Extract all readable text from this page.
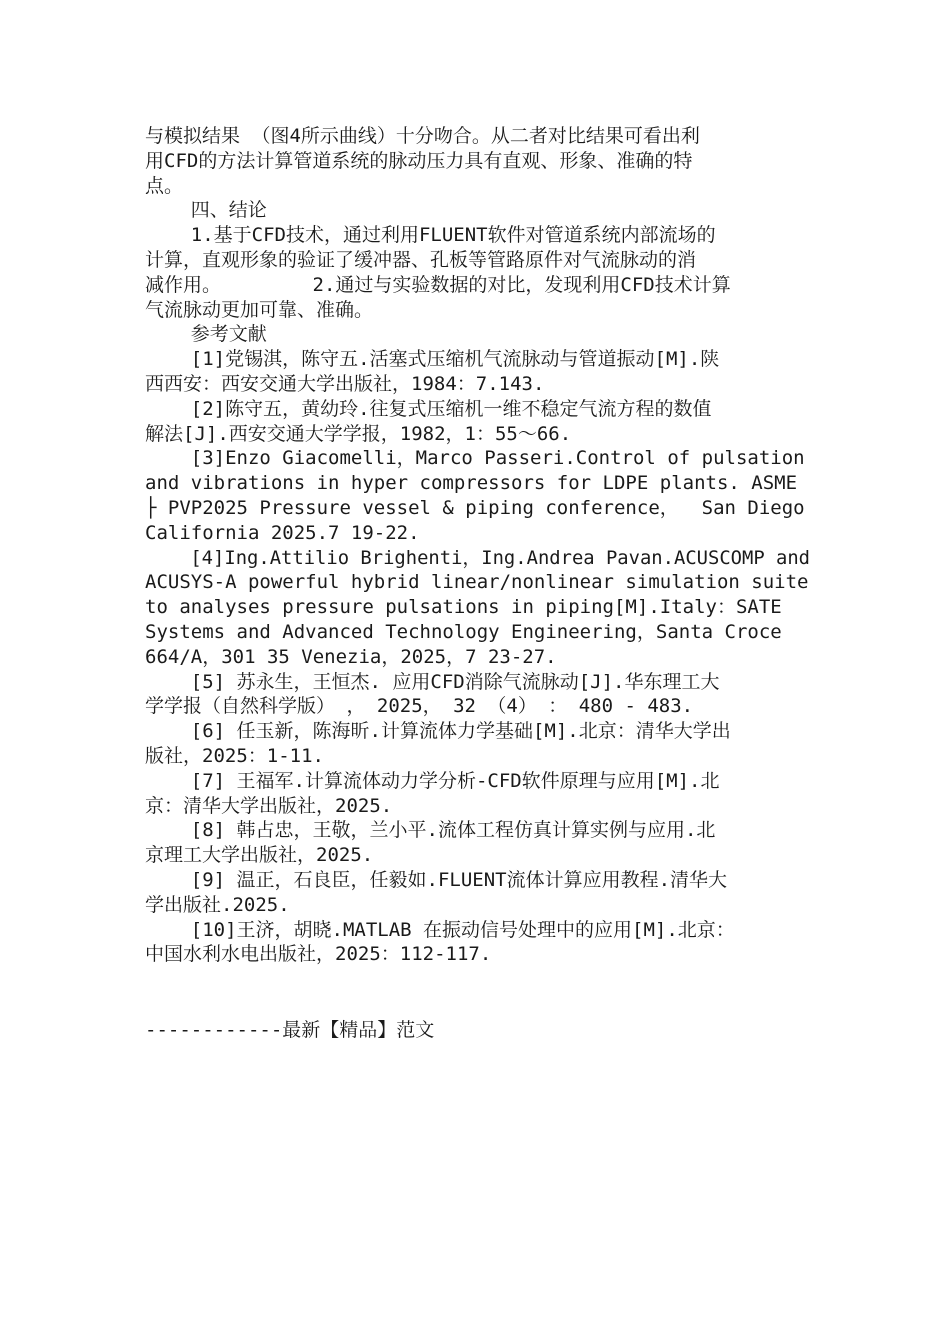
与模拟结果 （图4所示曲线）十分吻合。从二者对比结果可看出利
用CFD的方法计算管道系统的脉动压力具有直观、形象、准确的特
点。
四、结论
1.基于CFD技术，通过利用FLUENT软件对管道系统内部流场的
计算，直观形象的验证了缓冲器、孔板等管路原件对气流脉动的消
减作用。        2.通过与实验数据的对比，发现利用CFD技术计算
气流脉动更加可靠、准确。
参考文献
[1]党锡淇，陈守五.活塞式压缩机气流脉动与管道振动[M].陕
西西安：西安交通大学出版社，1984：7.143.
[2]陈守五，黄幼玲.往复式压缩机一维不稳定气流方程的数值
解法[J].西安交通大学学报，1982，1：55～66.
[3]Enzo Giacomelli，Marco Passeri.Control of pulsation
and vibrations in hyper compressors for LDPE plants. ASME
├ PVP2025 Pressure vessel & piping conference，  San Diego
California 2025.7 19-22.
[4]Ing.Attilio Brighenti，Ing.Andrea Pavan.ACUSCOMP and
ACUSYS-A powerful hybrid linear/nonlinear simulation suite
to analyses pressure pulsations in piping[M].Italy：SATE
Systems and Advanced Technology Engineering，Santa Croce
664/A，301 35 Venezia，2025，7 23-27.
[5] 苏永生，王恒杰. 应用CFD消除气流脉动[J].华东理工大
学学报（自然科学版） ， 2025， 32 （4） ： 480 - 483.
[6] 任玉新，陈海昕.计算流体力学基础[M].北京：清华大学出
版社，2025：1-11.
[7] 王福军.计算流体动力学分析-CFD软件原理与应用[M].北
京：清华大学出版社，2025.
[8] 韩占忠，王敬，兰小平.流体工程仿真计算实例与应用.北
京理工大学出版社，2025.
[9] 温正，石良臣，任毅如.FLUENT流体计算应用教程.清华大
学出版社.2025.
[10]王济，胡晓.MATLAB 在振动信号处理中的应用[M].北京：
中国水利水电出版社，2025：112-117.
------------最新【精品】范文
